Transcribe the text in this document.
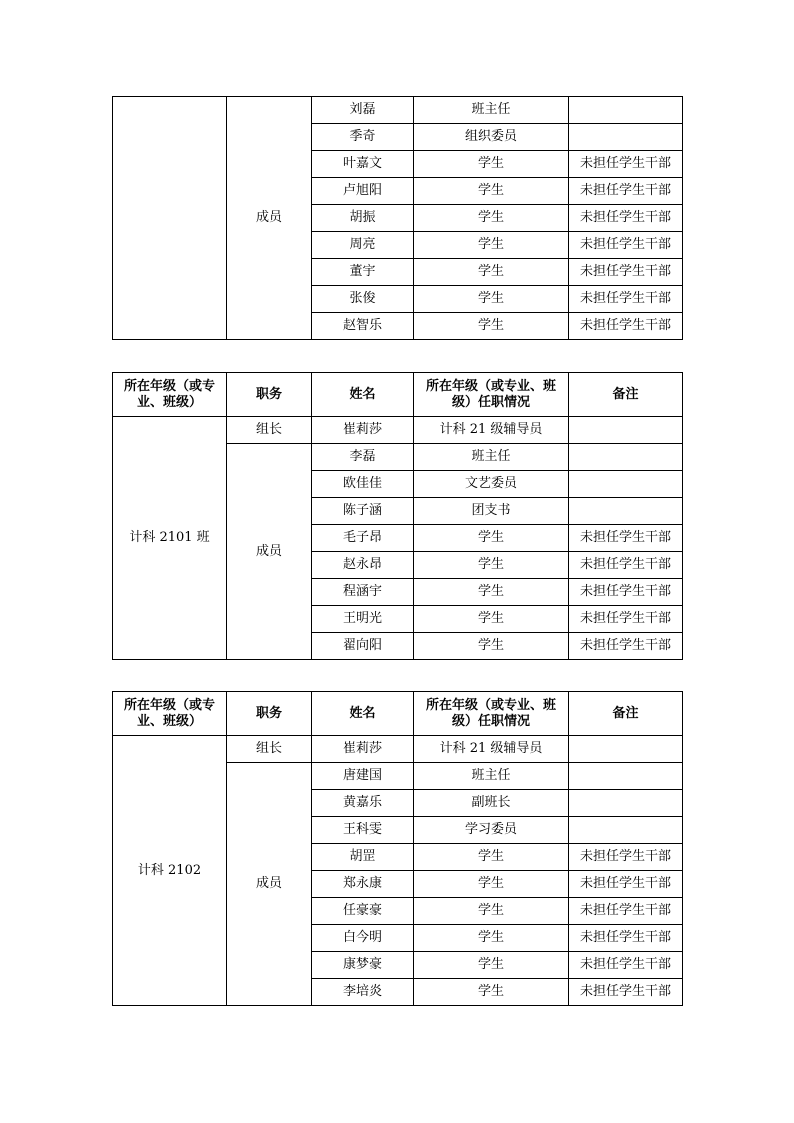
	成员	刘磊	班主任	
		季奇	组织委员	
		叶嘉文	学生	未担任学生干部
		卢旭阳	学生	未担任学生干部
		胡振	学生	未担任学生干部
		周亮	学生	未担任学生干部
		董宇	学生	未担任学生干部
		张俊	学生	未担任学生干部
		赵智乐	学生	未担任学生干部
所在年级（或专业、班级）	职务	姓名	所在年级（或专业、班级）任职情况	备注
计科 2101 班	组长	崔莉莎	计科 21 级辅导员	
	成员	李磊	班主任	
		欧佳佳	文艺委员	
		陈子涵	团支书	
		毛子昂	学生	未担任学生干部
		赵永昂	学生	未担任学生干部
		程涵宇	学生	未担任学生干部
		王明光	学生	未担任学生干部
		翟向阳	学生	未担任学生干部
所在年级（或专业、班级）	职务	姓名	所在年级（或专业、班级）任职情况	备注
计科 2102	组长	崔莉莎	计科 21 级辅导员	
	成员	唐建国	班主任	
		黄嘉乐	副班长	
		王科雯	学习委员	
		胡罡	学生	未担任学生干部
		郑永康	学生	未担任学生干部
		任豪豪	学生	未担任学生干部
		白今明	学生	未担任学生干部
		康梦豪	学生	未担任学生干部
		李培炎	学生	未担任学生干部
